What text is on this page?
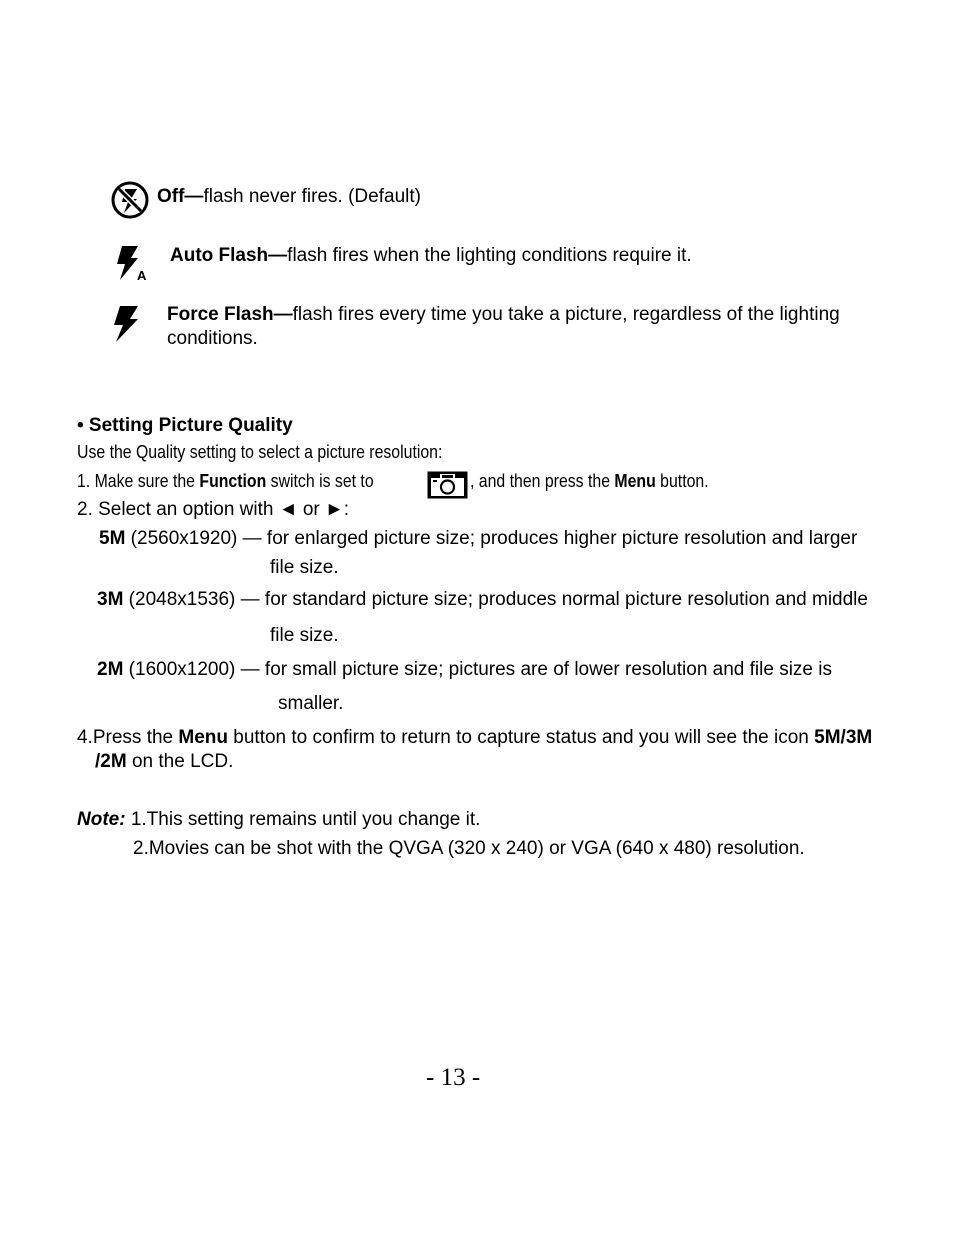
Off—flash never fires. (Default)
A
Auto Flash—flash fires when the lighting conditions require it.
Force Flash—flash fires every time you take a picture, regardless of the lighting
conditions.
• Setting Picture Quality
Use the Quality setting to select a picture resolution:
1. Make sure the Function switch is set to	, and then press the Menu button.
2. Select an option with ◄ or ►:
5M (2560x1920) — for enlarged picture size; produces higher picture resolution and larger
file size.
3M (2048x1536) — for standard picture size; produces normal picture resolution and middle
file size.
2M (1600x1200) — for small picture size; pictures are of lower resolution and file size is
smaller.
4.Press the Menu button to confirm to return to capture status and you will see the icon 5M/3M
/2M on the LCD.
Note: 1.This setting remains until you change it.
2.Movies can be shot with the QVGA (320 x 240) or VGA (640 x 480) resolution.
- 13 -
